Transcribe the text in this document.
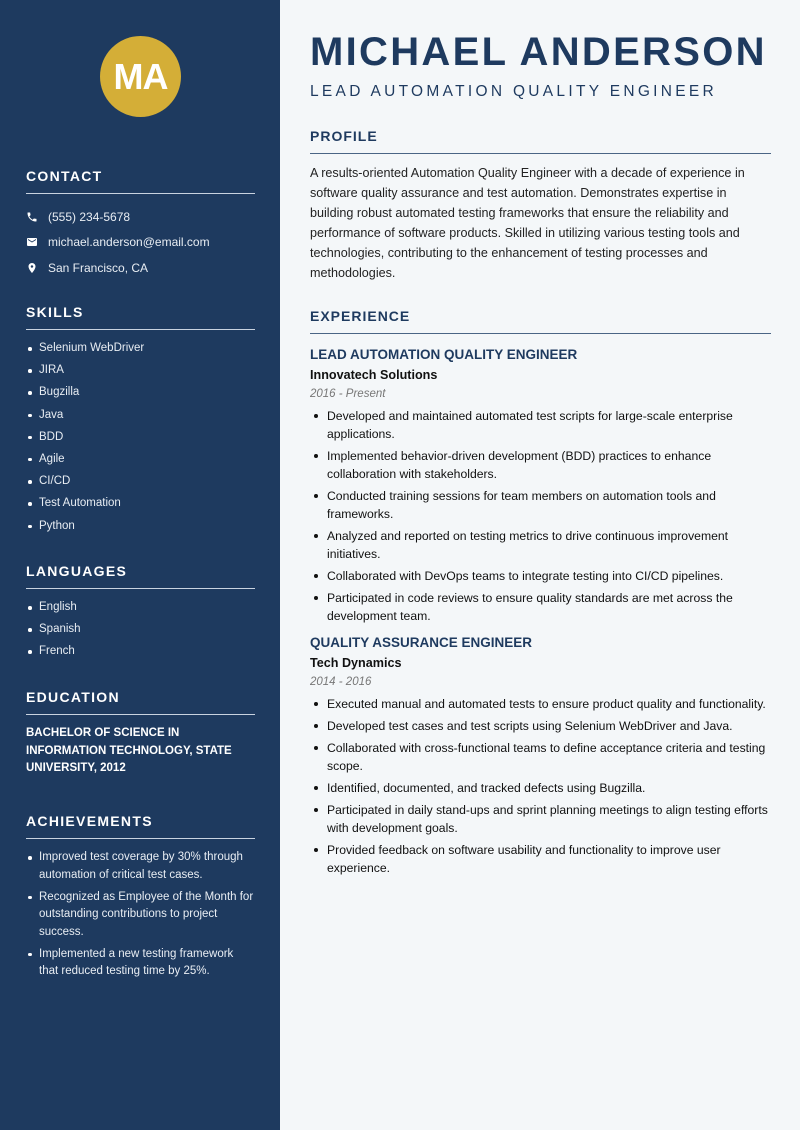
MA
CONTACT
(555) 234-5678
michael.anderson@email.com
San Francisco, CA
SKILLS
Selenium WebDriver
JIRA
Bugzilla
Java
BDD
Agile
CI/CD
Test Automation
Python
LANGUAGES
English
Spanish
French
EDUCATION
BACHELOR OF SCIENCE IN INFORMATION TECHNOLOGY, STATE UNIVERSITY, 2012
ACHIEVEMENTS
Improved test coverage by 30% through automation of critical test cases.
Recognized as Employee of the Month for outstanding contributions to project success.
Implemented a new testing framework that reduced testing time by 25%.
MICHAEL ANDERSON
LEAD AUTOMATION QUALITY ENGINEER
PROFILE
A results-oriented Automation Quality Engineer with a decade of experience in software quality assurance and test automation. Demonstrates expertise in building robust automated testing frameworks that ensure the reliability and performance of software products. Skilled in utilizing various testing tools and technologies, contributing to the enhancement of testing processes and methodologies.
EXPERIENCE
LEAD AUTOMATION QUALITY ENGINEER
Innovatech Solutions
2016 - Present
Developed and maintained automated test scripts for large-scale enterprise applications.
Implemented behavior-driven development (BDD) practices to enhance collaboration with stakeholders.
Conducted training sessions for team members on automation tools and frameworks.
Analyzed and reported on testing metrics to drive continuous improvement initiatives.
Collaborated with DevOps teams to integrate testing into CI/CD pipelines.
Participated in code reviews to ensure quality standards are met across the development team.
QUALITY ASSURANCE ENGINEER
Tech Dynamics
2014 - 2016
Executed manual and automated tests to ensure product quality and functionality.
Developed test cases and test scripts using Selenium WebDriver and Java.
Collaborated with cross-functional teams to define acceptance criteria and testing scope.
Identified, documented, and tracked defects using Bugzilla.
Participated in daily stand-ups and sprint planning meetings to align testing efforts with development goals.
Provided feedback on software usability and functionality to improve user experience.
